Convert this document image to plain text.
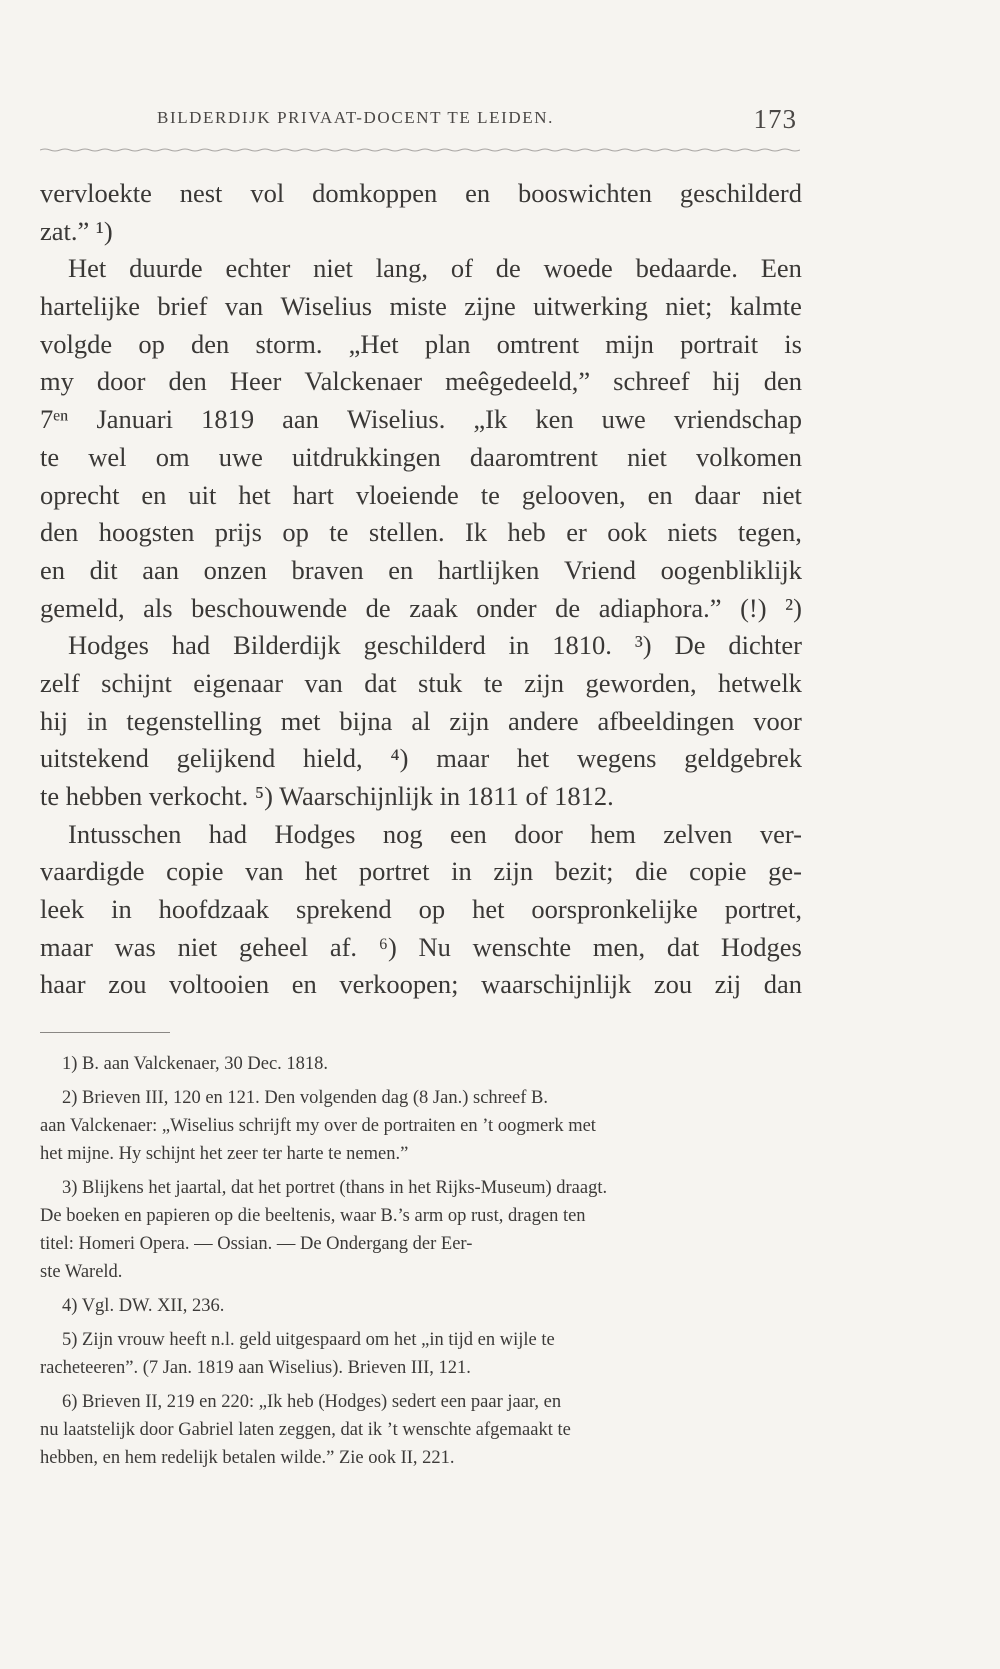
BILDERDIJK PRIVAAT-DOCENT TE LEIDEN.	173
vervloekte nest vol domkoppen en booswichten geschilderd
zat.” ¹)
Het duurde echter niet lang, of de woede bedaarde. Een
hartelijke brief van Wiselius miste zijne uitwerking niet; kalmte
volgde op den storm. „Het plan omtrent mijn portrait is
my door den Heer Valckenaer meêgedeeld,” schreef hij den
7ᵉⁿ Januari 1819 aan Wiselius. „Ik ken uwe vriendschap
te wel om uwe uitdrukkingen daaromtrent niet volkomen
oprecht en uit het hart vloeiende te gelooven, en daar niet
den hoogsten prijs op te stellen. Ik heb er ook niets tegen,
en dit aan onzen braven en hartlijken Vriend oogenbliklijk
gemeld, als beschouwende de zaak onder de adiaphora.” (!) ²)
Hodges had Bilderdijk geschilderd in 1810. ³) De dichter
zelf schijnt eigenaar van dat stuk te zijn geworden, hetwelk
hij in tegenstelling met bijna al zijn andere afbeeldingen voor
uitstekend gelijkend hield, ⁴) maar het wegens geldgebrek
te hebben verkocht. ⁵) Waarschijnlijk in 1811 of 1812.
Intusschen had Hodges nog een door hem zelven ver-
vaardigde copie van het portret in zijn bezit; die copie ge-
leek in hoofdzaak sprekend op het oorspronkelijke portret,
maar was niet geheel af. ⁶) Nu wenschte men, dat Hodges
haar zou voltooien en verkoopen; waarschijnlijk zou zij dan
1) B. aan Valckenaer, 30 Dec. 1818.
2) Brieven III, 120 en 121. Den volgenden dag (8 Jan.) schreef B.
aan Valckenaer: „Wiselius schrijft my over de portraiten en ’t oogmerk met
het mijne. Hy schijnt het zeer ter harte te nemen.”
3) Blijkens het jaartal, dat het portret (thans in het Rijks-Museum) draagt.
De boeken en papieren op die beeltenis, waar B.’s arm op rust, dragen ten
titel: Homeri Opera. — Ossian. — De Ondergang der Eer-
ste Wareld.
4) Vgl. DW. XII, 236.
5) Zijn vrouw heeft n.l. geld uitgespaard om het „in tijd en wijle te
racheteeren”. (7 Jan. 1819 aan Wiselius). Brieven III, 121.
6) Brieven II, 219 en 220: „Ik heb (Hodges) sedert een paar jaar, en
nu laatstelijk door Gabriel laten zeggen, dat ik ’t wenschte afgemaakt te
hebben, en hem redelijk betalen wilde.” Zie ook II, 221.
